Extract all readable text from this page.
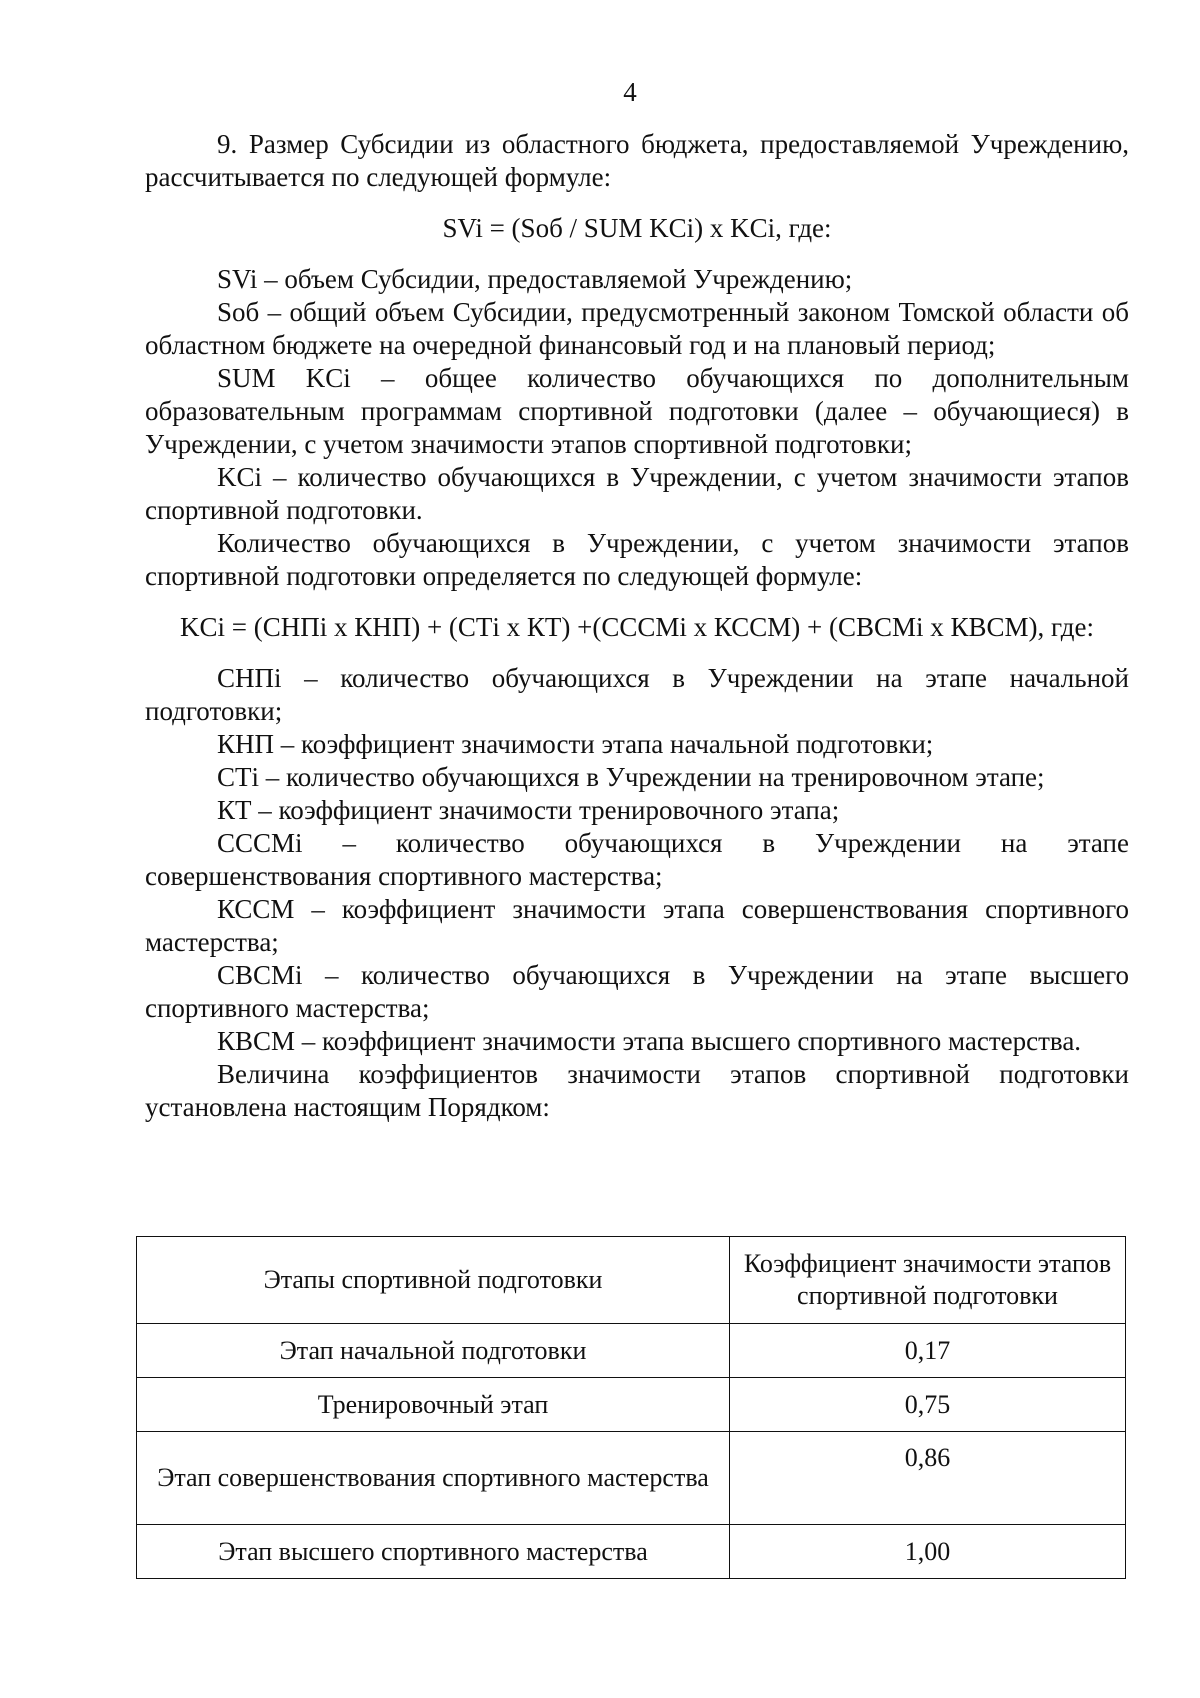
4

9. Размер Субсидии из областного бюджета, предоставляемой Учреждению, рассчитывается по следующей формуле:

SVi = (Sоб / SUM KCi) x KCi, где:

SVi – объем Субсидии, предоставляемой Учреждению;

Sоб – общий объем Субсидии, предусмотренный законом Томской области об областном бюджете на очередной финансовый год и на плановый период;

SUM KCi – общее количество обучающихся по дополнительным образовательным программам спортивной подготовки (далее – обучающиеся) в Учреждении, с учетом значимости этапов спортивной подготовки;

KCi – количество обучающихся в Учреждении, с учетом значимости этапов спортивной подготовки.

Количество обучающихся в Учреждении, с учетом значимости этапов спортивной подготовки определяется по следующей формуле:

KCi = (СНПi x КНП) + (СТi x КТ) +(СССМi x КССМ) + (СВСМi x КВСМ), где:

СНПi – количество обучающихся в Учреждении на этапе начальной подготовки;

КНП – коэффициент значимости этапа начальной подготовки;

СТi – количество обучающихся в Учреждении на тренировочном этапе;

КТ – коэффициент значимости тренировочного этапа;

СССМi – количество обучающихся в Учреждении на этапе совершенствования спортивного мастерства;

КССМ – коэффициент значимости этапа совершенствования спортивного мастерства;

СВСМi – количество обучающихся в Учреждении на этапе высшего спортивного мастерства;

КВСМ – коэффициент значимости этапа высшего спортивного мастерства.

Величина коэффициентов значимости этапов спортивной подготовки установлена настоящим Порядком:

Этапы спортивной подготовки	Коэффициент значимости этапов спортивной подготовки
Этап начальной подготовки	0,17
Тренировочный этап	0,75
Этап совершенствования спортивного мастерства	0,86
Этап высшего спортивного мастерства	1,00
